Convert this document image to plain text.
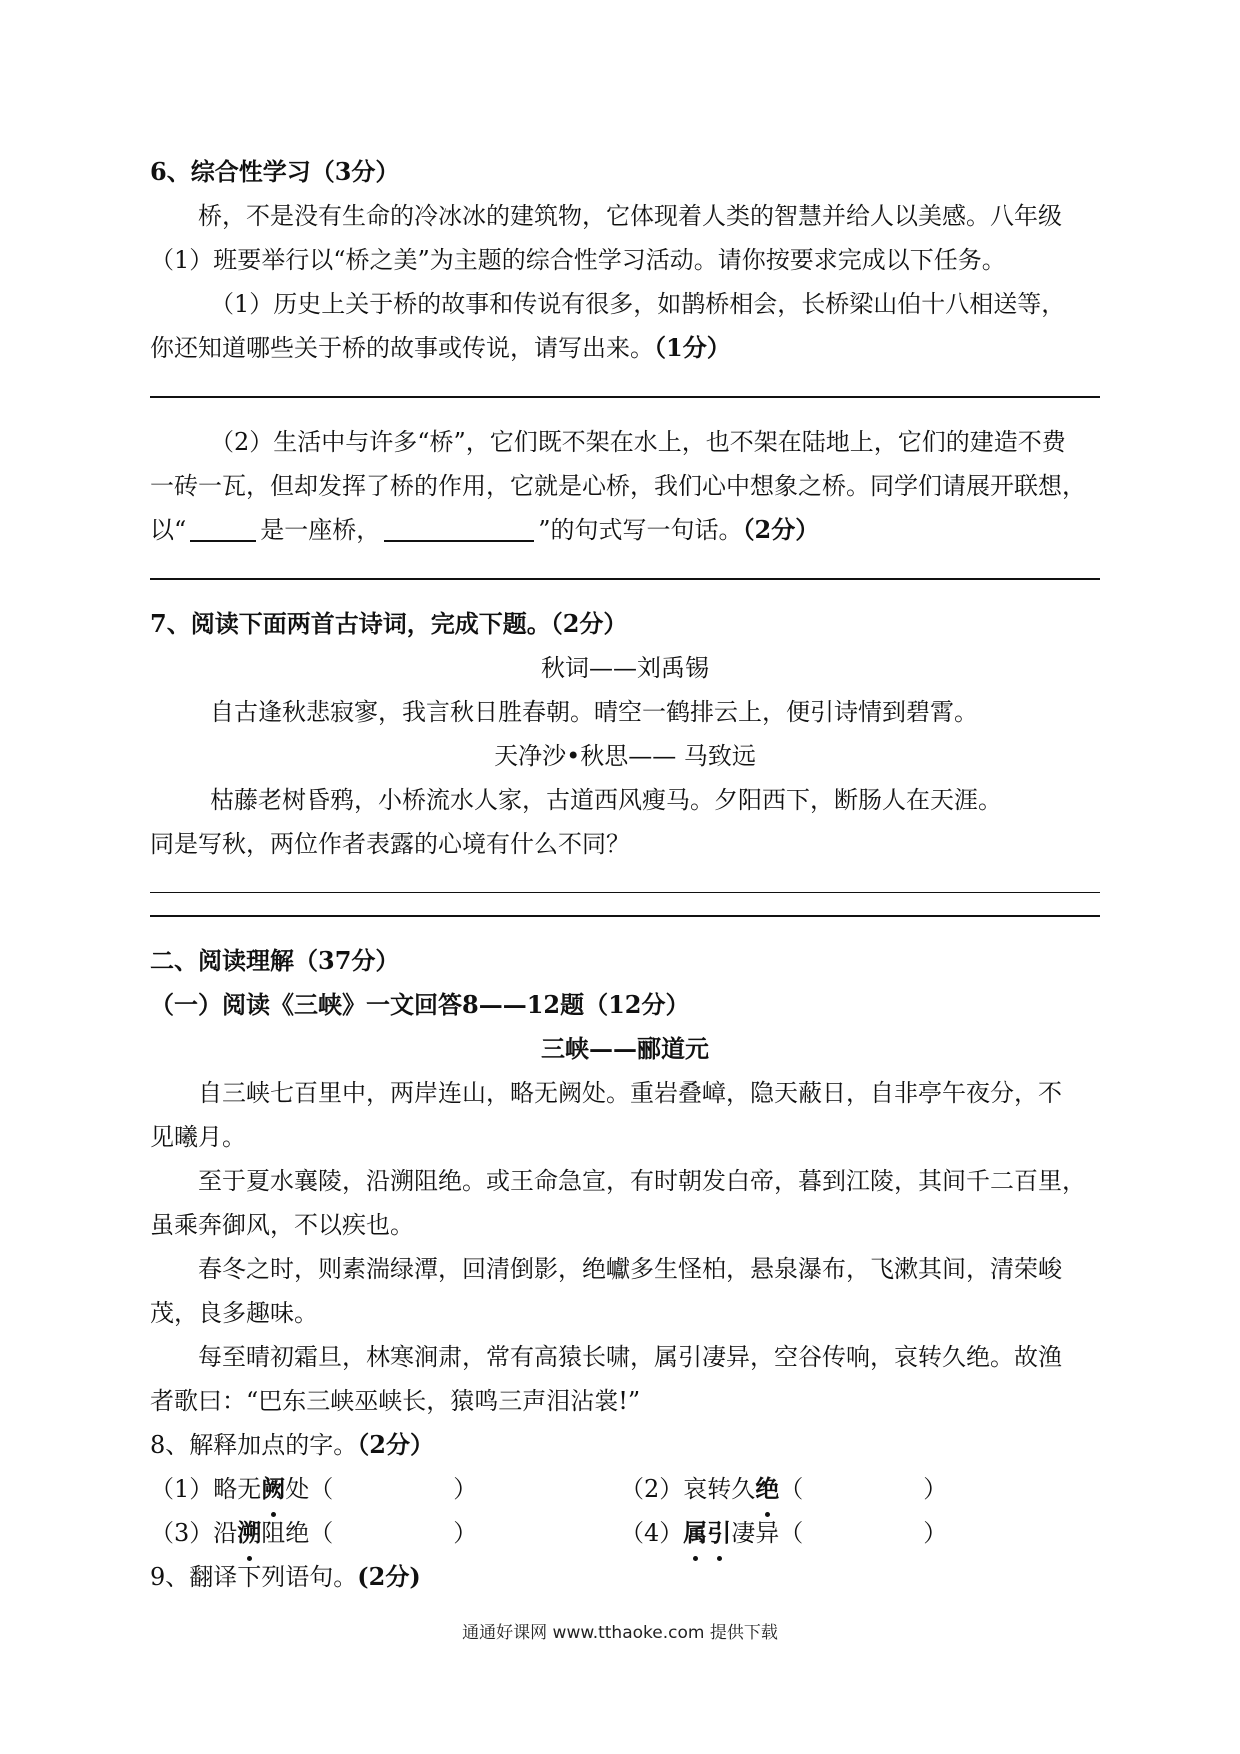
6、综合性学习（3分）
桥，不是没有生命的冷冰冰的建筑物，它体现着人类的智慧并给人以美感。八年级
（1）班要举行以“桥之美”为主题的综合性学习活动。请你按要求完成以下任务。
（1）历史上关于桥的故事和传说有很多，如鹊桥相会，长桥梁山伯十八相送等，
你还知道哪些关于桥的故事或传说，请写出来。（1分）
（2）生活中与许多“桥”，它们既不架在水上，也不架在陆地上，它们的建造不费
一砖一瓦，但却发挥了桥的作用，它就是心桥，我们心中想象之桥。同学们请展开联想，
以“	是一座桥，	”的句式写一句话。（2分）
7、阅读下面两首古诗词，完成下题。（2分）
秋词——刘禹锡
自古逢秋悲寂寥，我言秋日胜春朝。晴空一鹤排云上，便引诗情到碧霄。
天净沙•秋思—— 马致远
枯藤老树昏鸦，小桥流水人家，古道西风瘦马。夕阳西下，断肠人在天涯。
同是写秋，两位作者表露的心境有什么不同？
二、阅读理解（37分）
（一）阅读《三峡》一文回答8——12题（12分）
三峡——郦道元
自三峡七百里中，两岸连山，略无阙处。重岩叠嶂，隐天蔽日，自非亭午夜分，不
见曦月。
至于夏水襄陵，沿溯阻绝。或王命急宣，有时朝发白帝，暮到江陵，其间千二百里，
虽乘奔御风，不以疾也。
春冬之时，则素湍绿潭，回清倒影，绝巘多生怪柏，悬泉瀑布，飞漱其间，清荣峻
茂，良多趣味。
每至晴初霜旦，林寒涧肃，常有高猿长啸，属引凄异，空谷传响，哀转久绝。故渔
者歌曰：“巴东三峡巫峡长，猿鸣三声泪沾裳!”
8、解释加点的字。（2分）
（1）略无阙处（	）	（2）哀转久绝（	）
（3）沿溯阻绝（	）	（4）属引凄异（	）
9、翻译下列语句。(2分)
通通好课网 www.tthaoke.com 提供下载
